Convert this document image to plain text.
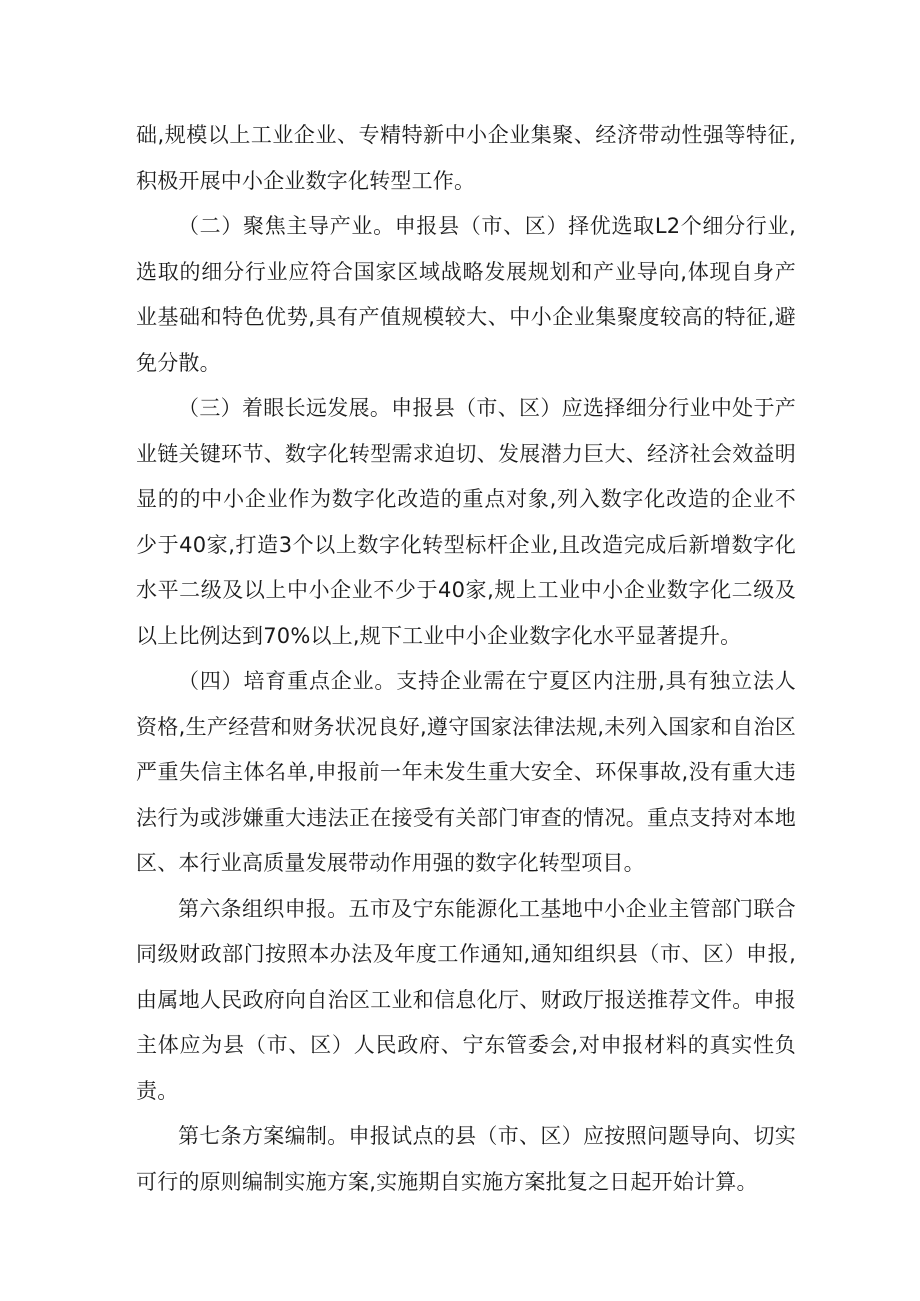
础,规模以上工业企业、专精特新中小企业集聚、经济带动性强等特征,积极开展中小企业数字化转型工作。

（二）聚焦主导产业。申报县（市、区）择优选取L2个细分行业,选取的细分行业应符合国家区域战略发展规划和产业导向,体现自身产业基础和特色优势,具有产值规模较大、中小企业集聚度较高的特征,避免分散。

（三）着眼长远发展。申报县（市、区）应选择细分行业中处于产业链关键环节、数字化转型需求迫切、发展潜力巨大、经济社会效益明显的的中小企业作为数字化改造的重点对象,列入数字化改造的企业不少于40家,打造3个以上数字化转型标杆企业,且改造完成后新增数字化水平二级及以上中小企业不少于40家,规上工业中小企业数字化二级及以上比例达到70%以上,规下工业中小企业数字化水平显著提升。

（四）培育重点企业。支持企业需在宁夏区内注册,具有独立法人资格,生产经营和财务状况良好,遵守国家法律法规,未列入国家和自治区严重失信主体名单,申报前一年未发生重大安全、环保事故,没有重大违法行为或涉嫌重大违法正在接受有关部门审查的情况。重点支持对本地区、本行业高质量发展带动作用强的数字化转型项目。

第六条组织申报。五市及宁东能源化工基地中小企业主管部门联合同级财政部门按照本办法及年度工作通知,通知组织县（市、区）申报,由属地人民政府向自治区工业和信息化厅、财政厅报送推荐文件。申报主体应为县（市、区）人民政府、宁东管委会,对申报材料的真实性负责。

第七条方案编制。申报试点的县（市、区）应按照问题导向、切实可行的原则编制实施方案,实施期自实施方案批复之日起开始计算。
